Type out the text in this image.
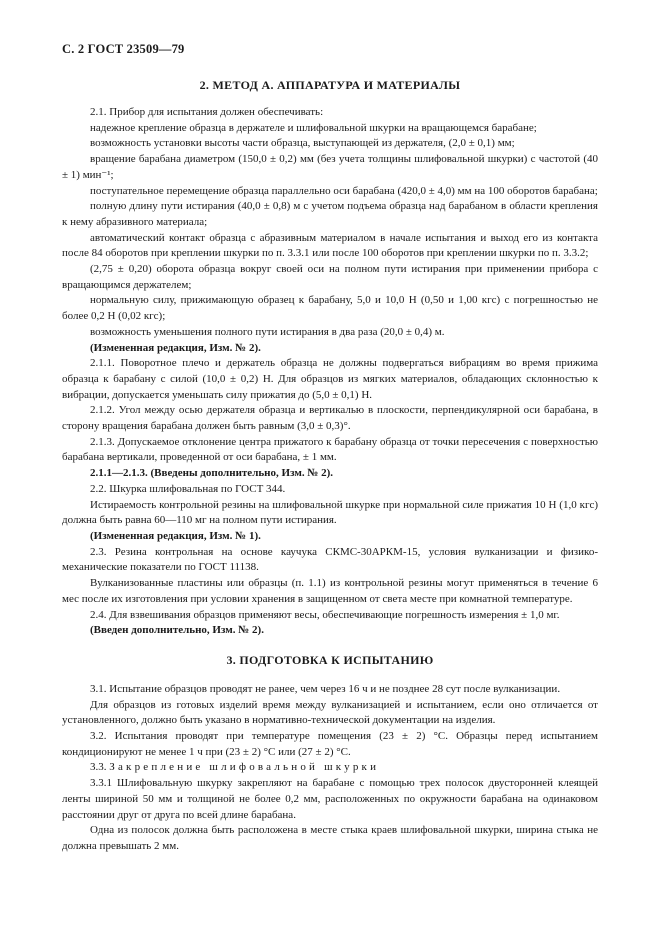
С. 2 ГОСТ 23509—79
2. МЕТОД А. АППАРАТУРА И МАТЕРИАЛЫ

2.1. Прибор для испытания должен обеспечивать:

надежное крепление образца в держателе и шлифовальной шкурки на вращающемся барабане;

возможность установки высоты части образца, выступающей из держателя, (2,0 ± 0,1) мм;

вращение барабана диаметром (150,0 ± 0,2) мм (без учета толщины шлифовальной шкурки) с частотой (40 ± 1) мин⁻¹;

поступательное перемещение образца параллельно оси барабана (420,0 ± 4,0) мм на 100 оборотов барабана;

полную длину пути истирания (40,0 ± 0,8) м с учетом подъема образца над барабаном в области крепления к нему абразивного материала;

автоматический контакт образца с абразивным материалом в начале испытания и выход его из контакта после 84 оборотов при креплении шкурки по п. 3.3.1 или после 100 оборотов при креплении шкурки по п. 3.3.2;

(2,75 ± 0,20) оборота образца вокруг своей оси на полном пути истирания при применении прибора с вращающимся держателем;

нормальную силу, прижимающую образец к барабану, 5,0 и 10,0 Н (0,50 и 1,00 кгс) с погрешностью не более 0,2 Н (0,02 кгс);

возможность уменьшения полного пути истирания в два раза (20,0 ± 0,4) м.

(Измененная редакция, Изм. № 2).

2.1.1. Поворотное плечо и держатель образца не должны подвергаться вибрациям во время прижима образца к барабану с силой (10,0 ± 0,2) Н. Для образцов из мягких материалов, обладающих склонностью к вибрации, допускается уменьшать силу прижатия до (5,0 ± 0,1) Н.

2.1.2. Угол между осью держателя образца и вертикалью в плоскости, перпендикулярной оси барабана, в сторону вращения барабана должен быть равным (3,0 ± 0,3)°.

2.1.3. Допускаемое отклонение центра прижатого к барабану образца от точки пересечения с поверхностью барабана вертикали, проведенной от оси барабана, ± 1 мм.

2.1.1—2.1.3. (Введены дополнительно, Изм. № 2).

2.2. Шкурка шлифовальная по ГОСТ 344.

Истираемость контрольной резины на шлифовальной шкурке при нормальной силе прижатия 10 Н (1,0 кгс) должна быть равна 60—110 мг на полном пути истирания.

(Измененная редакция, Изм. № 1).

2.3. Резина контрольная на основе каучука СКМС-30АРКМ-15, условия вулканизации и физико-механические показатели по ГОСТ 11138.

Вулканизованные пластины или образцы (п. 1.1) из контрольной резины могут применяться в течение 6 мес после их изготовления при условии хранения в защищенном от света месте при комнатной температуре.

2.4. Для взвешивания образцов применяют весы, обеспечивающие погрешность измерения ± 1,0 мг.

(Введен дополнительно, Изм. № 2).

3. ПОДГОТОВКА К ИСПЫТАНИЮ

3.1. Испытание образцов проводят не ранее, чем через 16 ч и не позднее 28 сут после вулканизации.

Для образцов из готовых изделий время между вулканизацией и испытанием, если оно отличается от установленного, должно быть указано в нормативно-технической документации на изделия.

3.2. Испытания проводят при температуре помещения (23 ± 2) °С. Образцы перед испытанием кондиционируют не менее 1 ч при (23 ± 2) °С или (27 ± 2) °С.

3.3. Закрепление шлифовальной шкурки

3.3.1 Шлифовальную шкурку закрепляют на барабане с помощью трех полосок двусторонней клеящей ленты шириной 50 мм и толщиной не более 0,2 мм, расположенных по окружности барабана на одинаковом расстоянии друг от друга по всей длине барабана.

Одна из полосок должна быть расположена в месте стыка краев шлифовальной шкурки, ширина стыка не должна превышать 2 мм.
